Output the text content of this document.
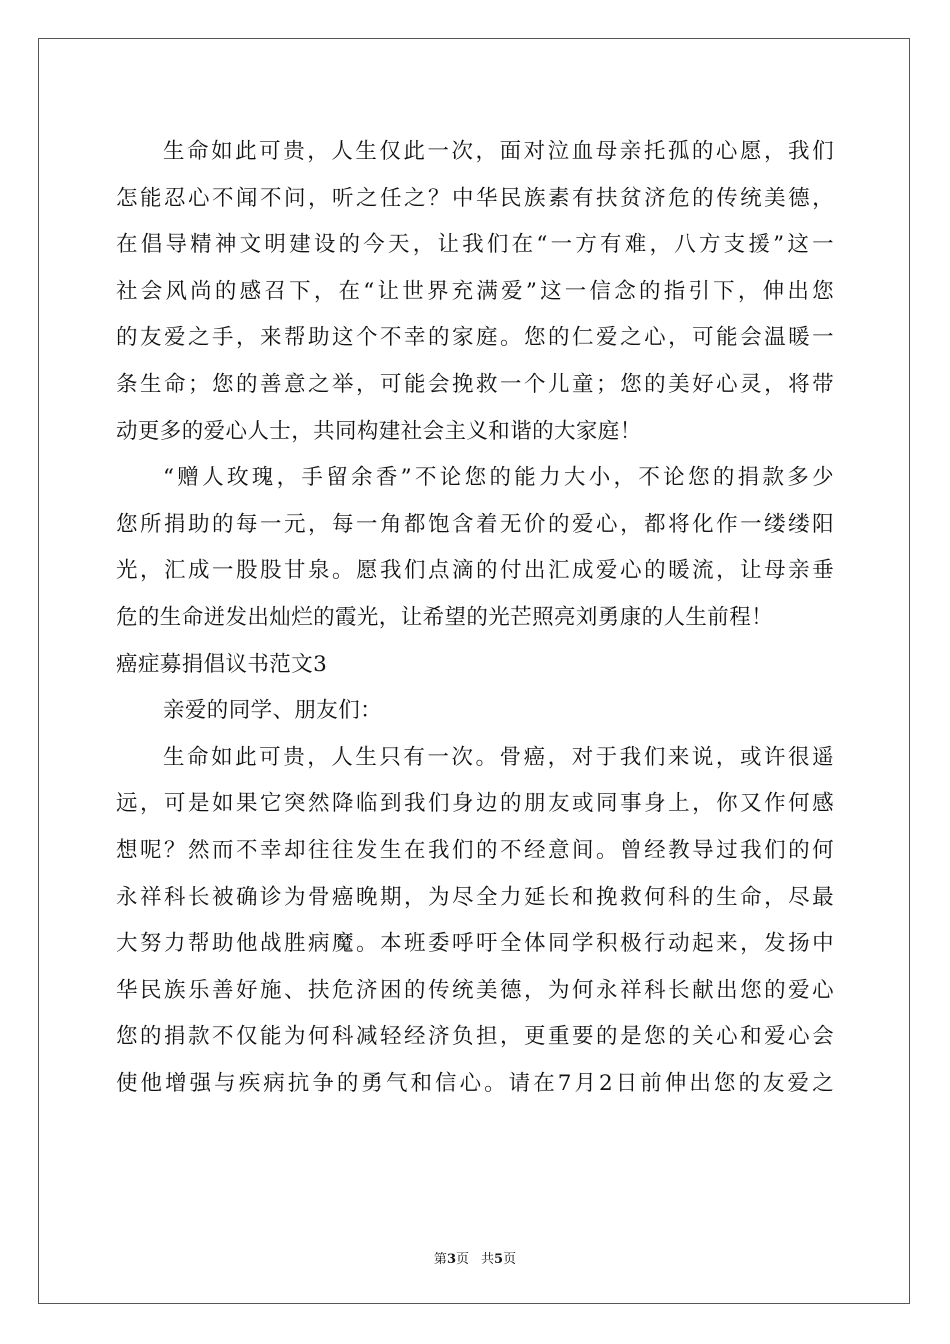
生命如此可贵，人生仅此一次，面对泣血母亲托孤的心愿，我们
怎能忍心不闻不问，听之任之？中华民族素有扶贫济危的传统美德，
在倡导精神文明建设的今天，让我们在“一方有难，八方支援”这一
社会风尚的感召下，在“让世界充满爱”这一信念的指引下，伸出您
的友爱之手，来帮助这个不幸的家庭。您的仁爱之心，可能会温暖一
条生命；您的善意之举，可能会挽救一个儿童；您的美好心灵，将带
动更多的爱心人士，共同构建社会主义和谐的大家庭！
“赠人玫瑰，手留余香”不论您的能力大小，不论您的捐款多少
您所捐助的每一元，每一角都饱含着无价的爱心，都将化作一缕缕阳
光，汇成一股股甘泉。愿我们点滴的付出汇成爱心的暖流，让母亲垂
危的生命迸发出灿烂的霞光，让希望的光芒照亮刘勇康的人生前程！
癌症募捐倡议书范文3
亲爱的同学、朋友们：
生命如此可贵，人生只有一次。骨癌，对于我们来说，或许很遥
远，可是如果它突然降临到我们身边的朋友或同事身上，你又作何感
想呢？然而不幸却往往发生在我们的不经意间。曾经教导过我们的何
永祥科长被确诊为骨癌晚期，为尽全力延长和挽救何科的生命，尽最
大努力帮助他战胜病魔。本班委呼吁全体同学积极行动起来，发扬中
华民族乐善好施、扶危济困的传统美德，为何永祥科长献出您的爱心
您的捐款不仅能为何科减轻经济负担，更重要的是您的关心和爱心会
使他增强与疾病抗争的勇气和信心。请在7月2日前伸出您的友爱之
第3页 共5页
